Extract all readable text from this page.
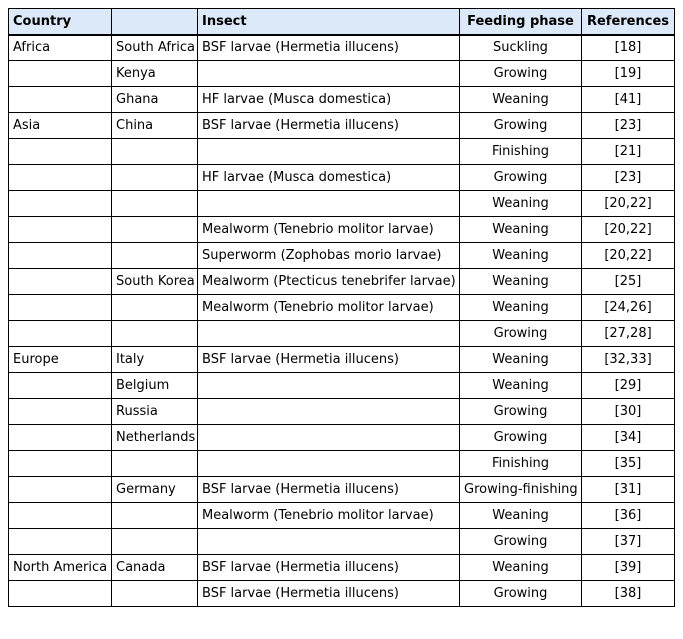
Country		Insect	Feeding phase	References
Africa	South Africa	BSF larvae (Hermetia illucens)	Suckling	[18]
	Kenya		Growing	[19]
	Ghana	HF larvae (Musca domestica)	Weaning	[41]
Asia	China	BSF larvae (Hermetia illucens)	Growing	[23]
			Finishing	[21]
		HF larvae (Musca domestica)	Growing	[23]
			Weaning	[20,22]
		Mealworm (Tenebrio molitor larvae)	Weaning	[20,22]
		Superworm (Zophobas morio larvae)	Weaning	[20,22]
	South Korea	Mealworm (Ptecticus tenebrifer larvae)	Weaning	[25]
		Mealworm (Tenebrio molitor larvae)	Weaning	[24,26]
			Growing	[27,28]
Europe	Italy	BSF larvae (Hermetia illucens)	Weaning	[32,33]
	Belgium		Weaning	[29]
	Russia		Growing	[30]
	Netherlands		Growing	[34]
			Finishing	[35]
	Germany	BSF larvae (Hermetia illucens)	Growing-finishing	[31]
		Mealworm (Tenebrio molitor larvae)	Weaning	[36]
			Growing	[37]
North America	Canada	BSF larvae (Hermetia illucens)	Weaning	[39]
		BSF larvae (Hermetia illucens)	Growing	[38]
